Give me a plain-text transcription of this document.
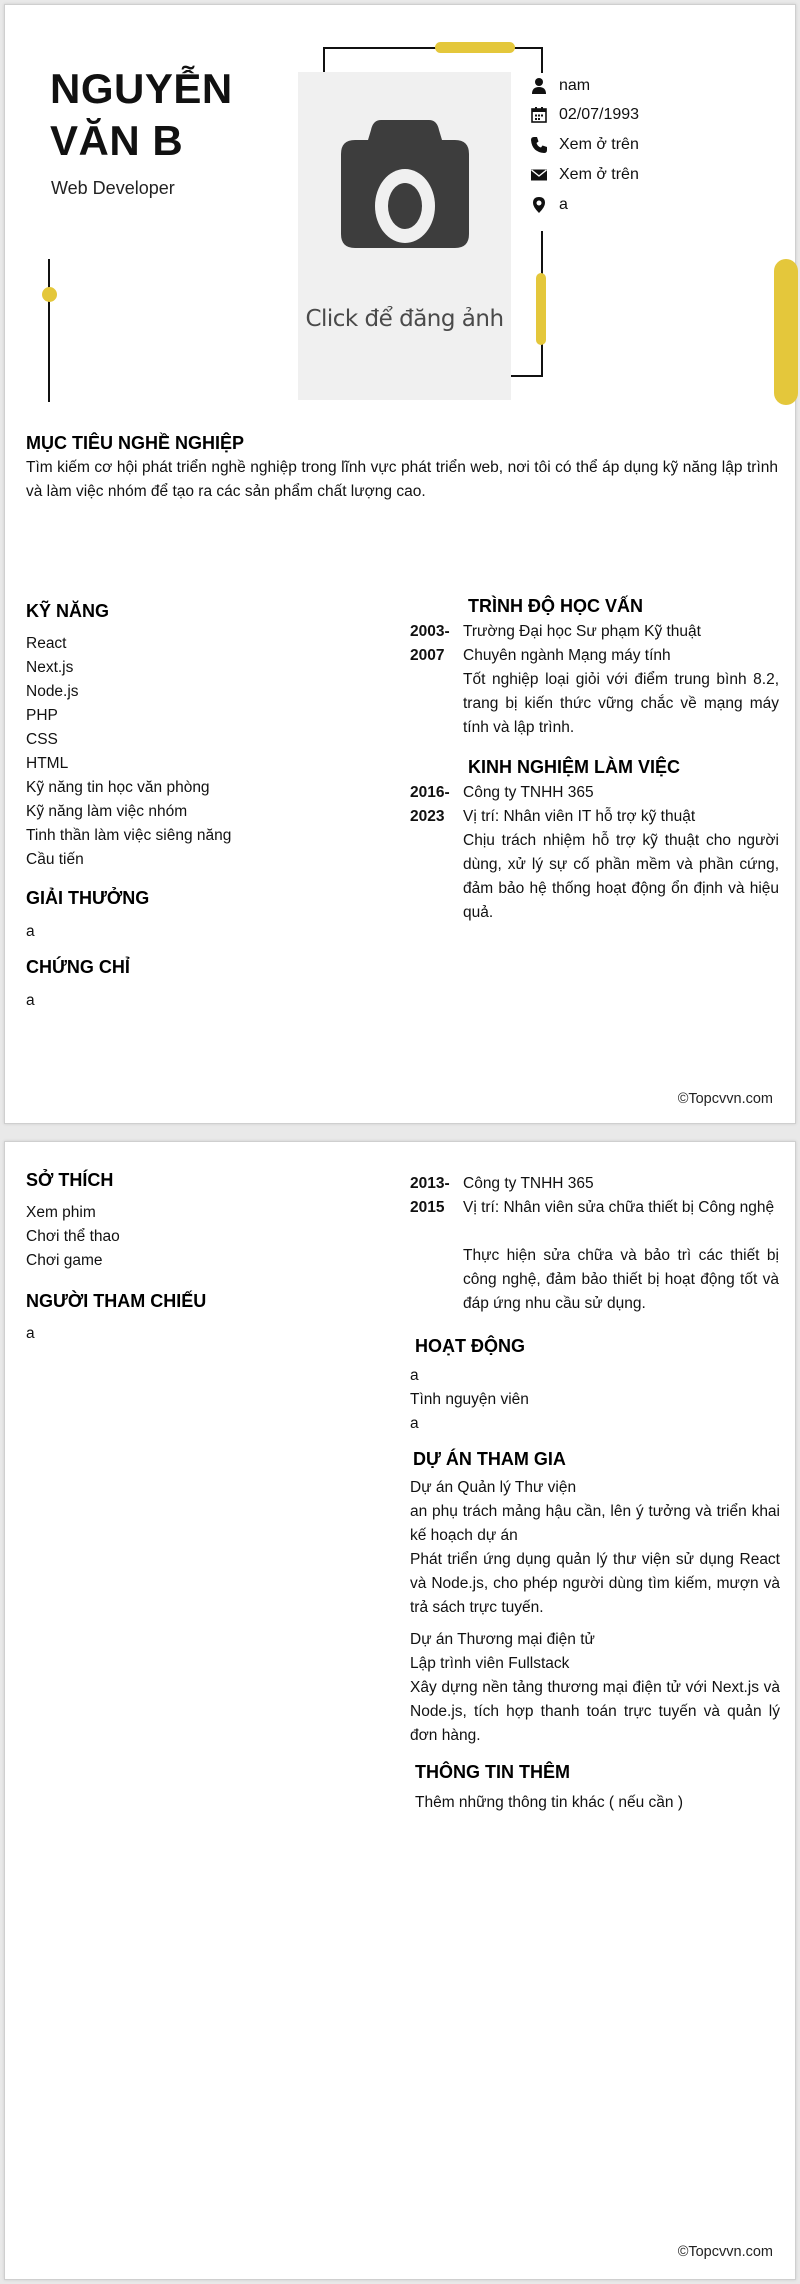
NGUYỄN
VĂN B
Web Developer
Click để đăng ảnh
nam
02/07/1993
Xem ở trên
Xem ở trên
a
MỤC TIÊU NGHỀ NGHIỆP
Tìm kiếm cơ hội phát triển nghề nghiệp trong lĩnh vực phát triển web, nơi tôi có thể áp dụng kỹ năng lập trình và làm việc nhóm để tạo ra các sản phẩm chất lượng cao.
KỸ NĂNG
React
Next.js
Node.js
PHP
CSS
HTML
Kỹ năng tin học văn phòng
Kỹ năng làm việc nhóm
Tinh thần làm việc siêng năng
Cầu tiến
GIẢI THƯỞNG
a
CHỨNG CHỈ
a
TRÌNH ĐỘ HỌC VẤN
2003-
2007
Trường Đại học Sư phạm Kỹ thuật
Chuyên ngành Mạng máy tính
Tốt nghiệp loại giỏi với điểm trung bình 8.2, trang bị kiến thức vững chắc về mạng máy tính và lập trình.
KINH NGHIỆM LÀM VIỆC
2016-
2023
Công ty TNHH 365
Vị trí: Nhân viên IT hỗ trợ kỹ thuật
Chịu trách nhiệm hỗ trợ kỹ thuật cho người dùng, xử lý sự cố phần mềm và phần cứng, đảm bảo hệ thống hoạt động ổn định và hiệu quả.
©Topcvvn.com
SỞ THÍCH
Xem phim
Chơi thể thao
Chơi game
NGƯỜI THAM CHIẾU
a
2013-
2015
Công ty TNHH 365
Vị trí: Nhân viên sửa chữa thiết bị Công nghệ
Thực hiện sửa chữa và bảo trì các thiết bị công nghệ, đảm bảo thiết bị hoạt động tốt và đáp ứng nhu cầu sử dụng.
HOẠT ĐỘNG
a
Tình nguyện viên
a
DỰ ÁN THAM GIA
Dự án Quản lý Thư viện
an phụ trách mảng hậu cần, lên ý tưởng và triển khai kế hoạch dự án
Phát triển ứng dụng quản lý thư viện sử dụng React và Node.js, cho phép người dùng tìm kiếm, mượn và trả sách trực tuyến.
Dự án Thương mại điện tử
Lập trình viên Fullstack
Xây dựng nền tảng thương mại điện tử với Next.js và Node.js, tích hợp thanh toán trực tuyến và quản lý đơn hàng.
THÔNG TIN THÊM
Thêm những thông tin khác ( nếu cần )
©Topcvvn.com
